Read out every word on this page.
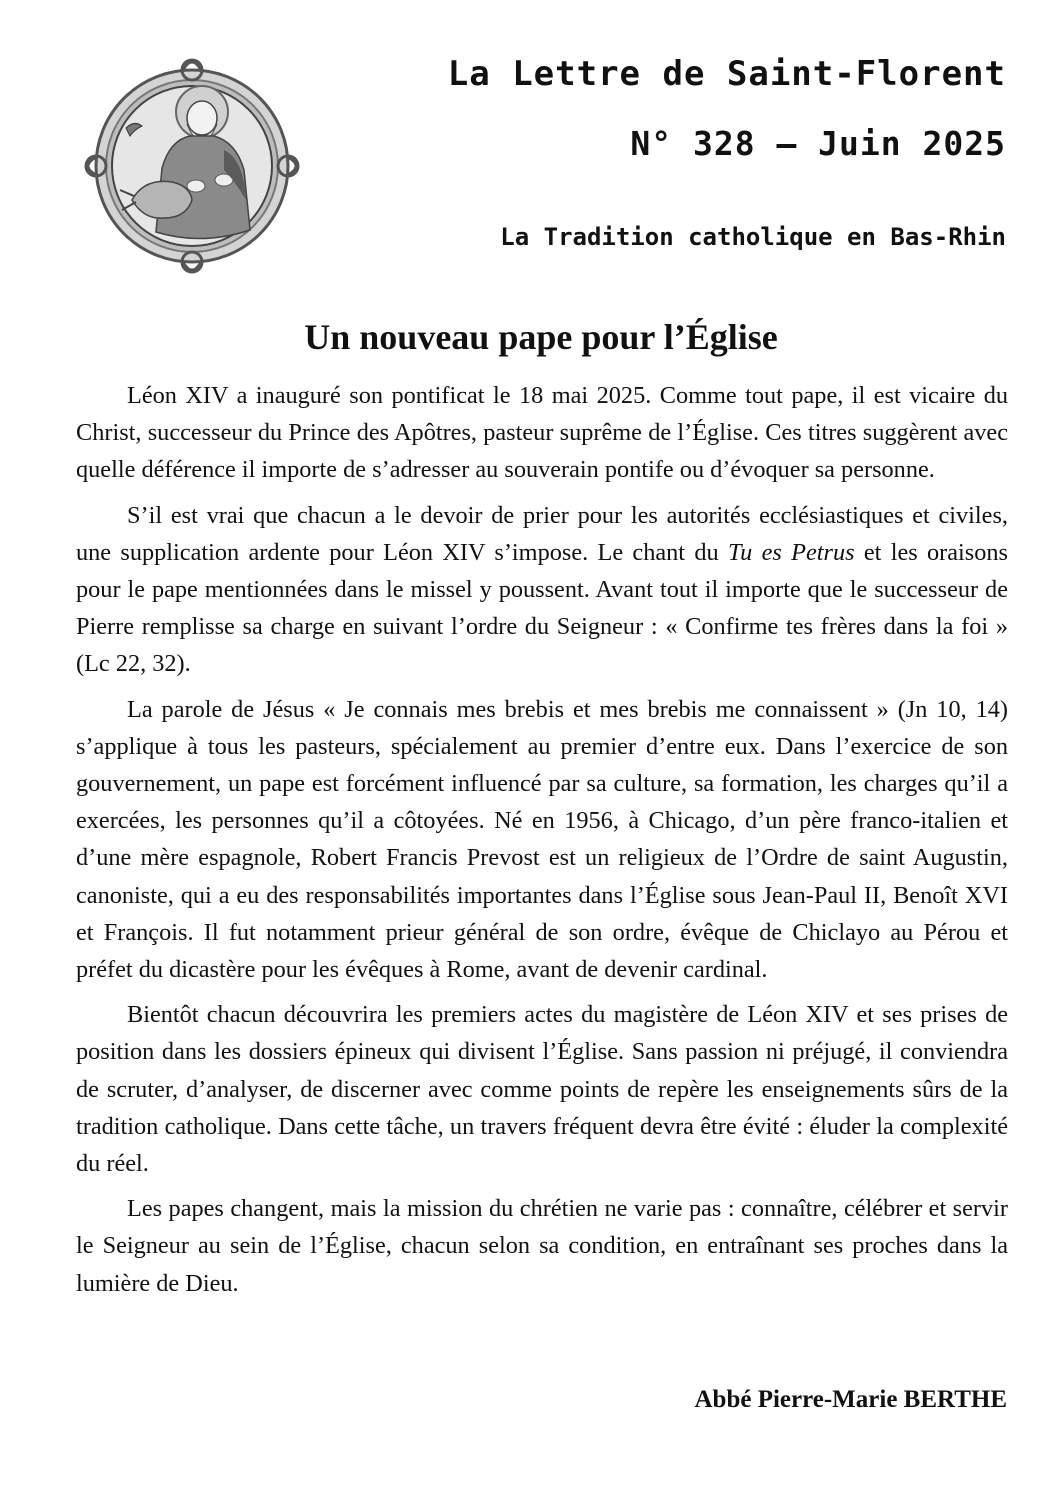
La Lettre de Saint-Florent
N° 328 – Juin 2025
La Tradition catholique en Bas-Rhin
Un nouveau pape pour l’Église

Léon XIV a inauguré son pontificat le 18 mai 2025. Comme tout pape, il est vicaire du Christ, successeur du Prince des Apôtres, pasteur suprême de l’Église. Ces titres suggèrent avec quelle déférence il importe de s’adresser au souverain pontife ou d’évoquer sa personne.

S’il est vrai que chacun a le devoir de prier pour les autorités ecclésiastiques et civiles, une supplication ardente pour Léon XIV s’impose. Le chant du Tu es Petrus et les oraisons pour le pape mentionnées dans le missel y poussent. Avant tout il importe que le successeur de Pierre remplisse sa charge en suivant l’ordre du Seigneur : « Confirme tes frères dans la foi » (Lc 22, 32).

La parole de Jésus « Je connais mes brebis et mes brebis me connaissent » (Jn 10, 14) s’applique à tous les pasteurs, spécialement au premier d’entre eux. Dans l’exercice de son gouvernement, un pape est forcément influencé par sa culture, sa formation, les charges qu’il a exercées, les personnes qu’il a côtoyées. Né en 1956, à Chicago, d’un père franco-italien et d’une mère espagnole, Robert Francis Prevost est un religieux de l’Ordre de saint Augustin, canoniste, qui a eu des responsabilités importantes dans l’Église sous Jean-Paul II, Benoît XVI et François. Il fut notamment prieur général de son ordre, évêque de Chiclayo au Pérou et préfet du dicastère pour les évêques à Rome, avant de devenir cardinal.

Bientôt chacun découvrira les premiers actes du magistère de Léon XIV et ses prises de position dans les dossiers épineux qui divisent l’Église. Sans passion ni préjugé, il conviendra de scruter, d’analyser, de discerner avec comme points de repère les enseignements sûrs de la tradition catholique. Dans cette tâche, un travers fréquent devra être évité : éluder la complexité du réel.

Les papes changent, mais la mission du chrétien ne varie pas : connaître, célébrer et servir le Seigneur au sein de l’Église, chacun selon sa condition, en entraînant ses proches dans la lumière de Dieu.

Abbé Pierre-Marie BERTHE
